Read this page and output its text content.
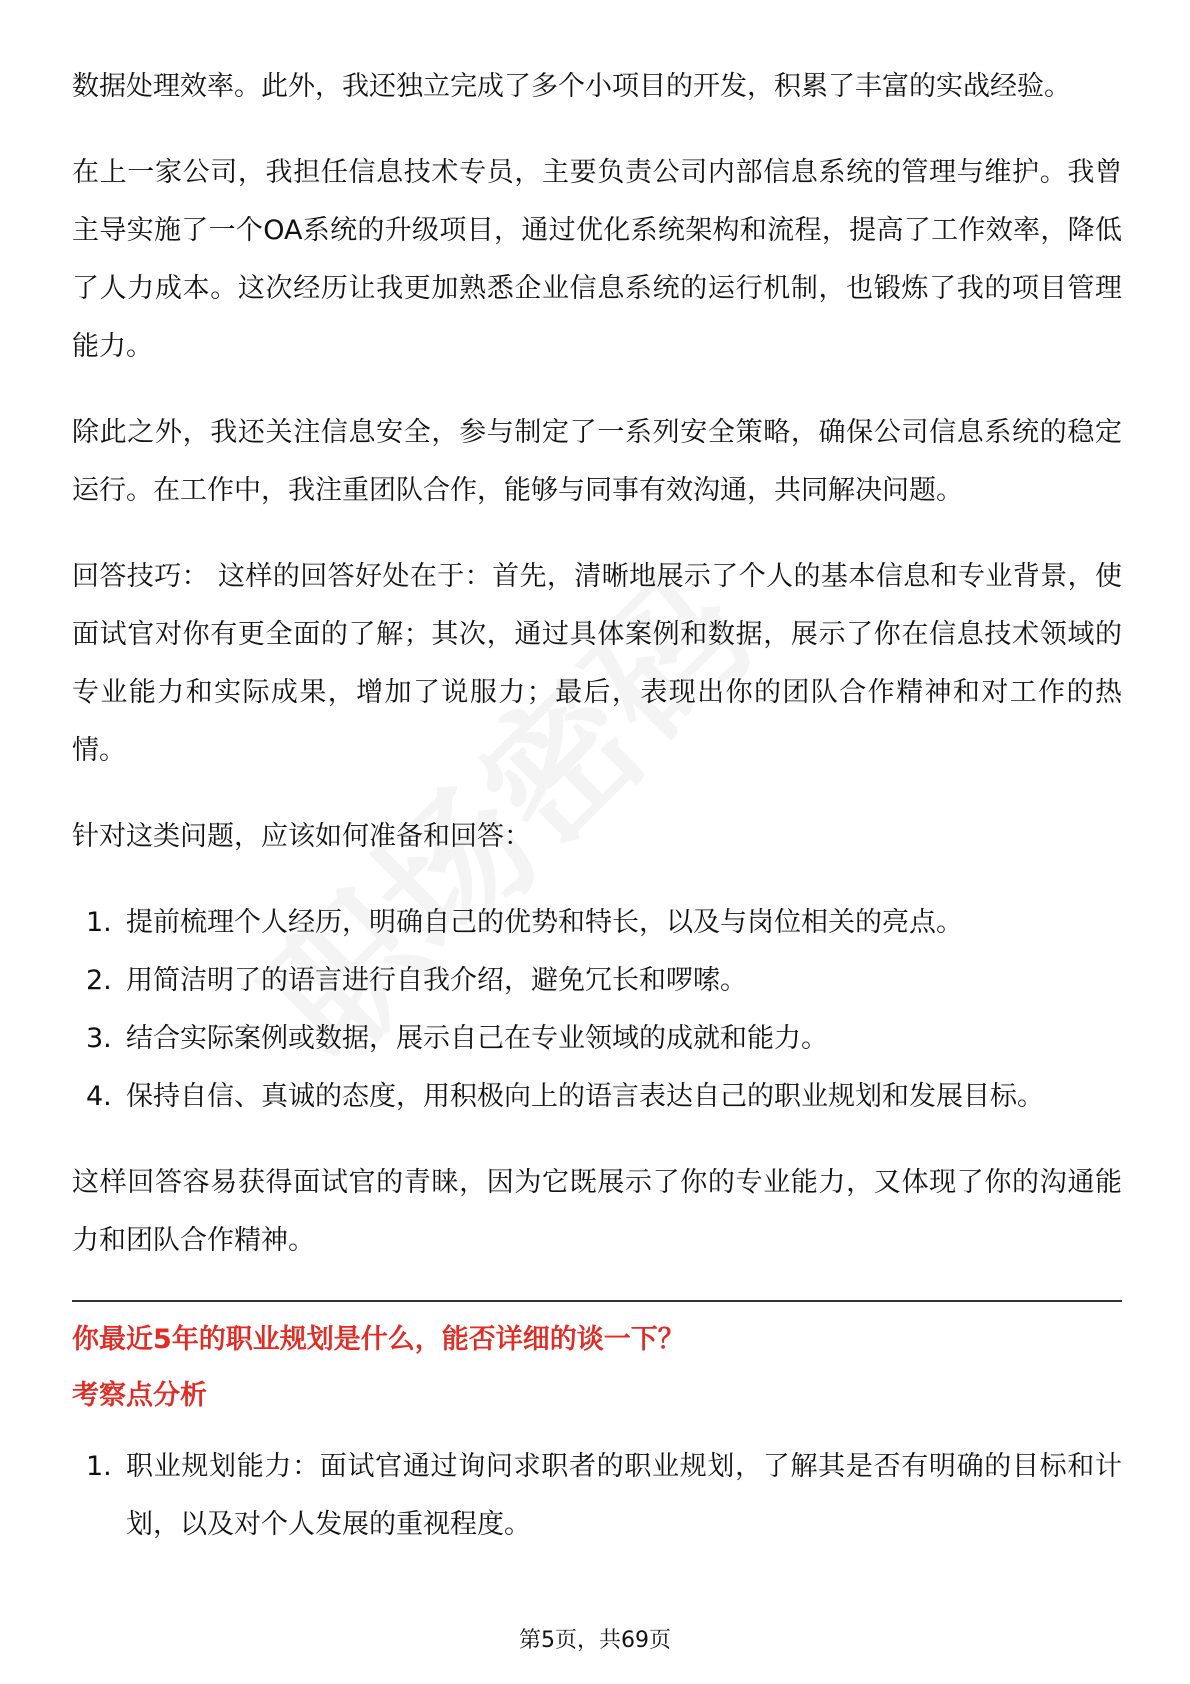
数据处理效率。此外，我还独立完成了多个小项目的开发，积累了丰富的实战经验。

在上一家公司，我担任信息技术专员，主要负责公司内部信息系统的管理与维护。我曾主导实施了一个OA系统的升级项目，通过优化系统架构和流程，提高了工作效率，降低了人力成本。这次经历让我更加熟悉企业信息系统的运行机制，也锻炼了我的项目管理能力。

除此之外，我还关注信息安全，参与制定了一系列安全策略，确保公司信息系统的稳定运行。在工作中，我注重团队合作，能够与同事有效沟通，共同解决问题。

回答技巧： 这样的回答好处在于：首先，清晰地展示了个人的基本信息和专业背景，使面试官对你有更全面的了解；其次，通过具体案例和数据，展示了你在信息技术领域的专业能力和实际成果，增加了说服力；最后，表现出你的团队合作精神和对工作的热情。

针对这类问题，应该如何准备和回答：

1. 提前梳理个人经历，明确自己的优势和特长，以及与岗位相关的亮点。
2. 用简洁明了的语言进行自我介绍，避免冗长和啰嗦。
3. 结合实际案例或数据，展示自己在专业领域的成就和能力。
4. 保持自信、真诚的态度，用积极向上的语言表达自己的职业规划和发展目标。

这样回答容易获得面试官的青睐，因为它既展示了你的专业能力，又体现了你的沟通能力和团队合作精神。

你最近5年的职业规划是什么，能否详细的谈一下？
考察点分析
1. 职业规划能力：面试官通过询问求职者的职业规划，了解其是否有明确的目标和计划，以及对个人发展的重视程度。
第5页，共69页
